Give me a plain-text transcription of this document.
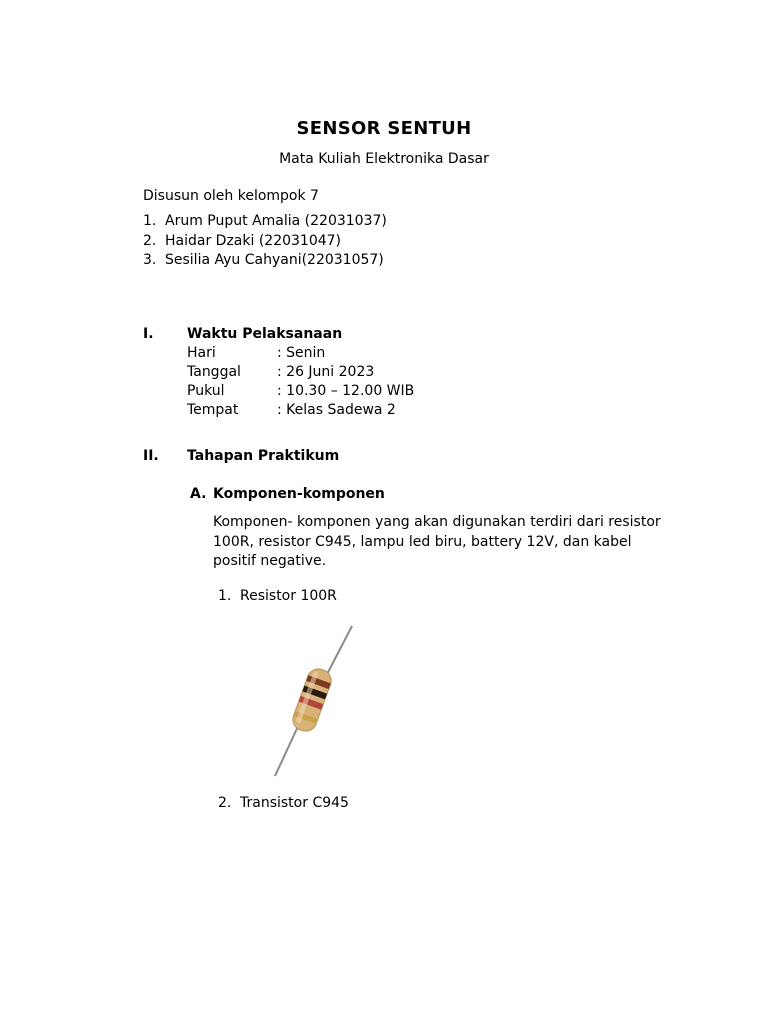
SENSOR SENTUH
Mata Kuliah Elektronika Dasar
Disusun oleh kelompok 7
1. Arum Puput Amalia (22031037)
2. Haidar Dzaki (22031047)
3. Sesilia Ayu Cahyani(22031057)
I. Waktu Pelaksanaan
Hari	: Senin
Tanggal	: 26 Juni 2023
Pukul	: 10.30 – 12.00 WIB
Tempat	: Kelas Sadewa 2
II. Tahapan Praktikum
A. Komponen-komponen
Komponen- komponen yang akan digunakan terdiri dari resistor 100R, resistor C945, lampu led biru, battery 12V, dan kabel positif negative.
1. Resistor 100R
2. Transistor C945
